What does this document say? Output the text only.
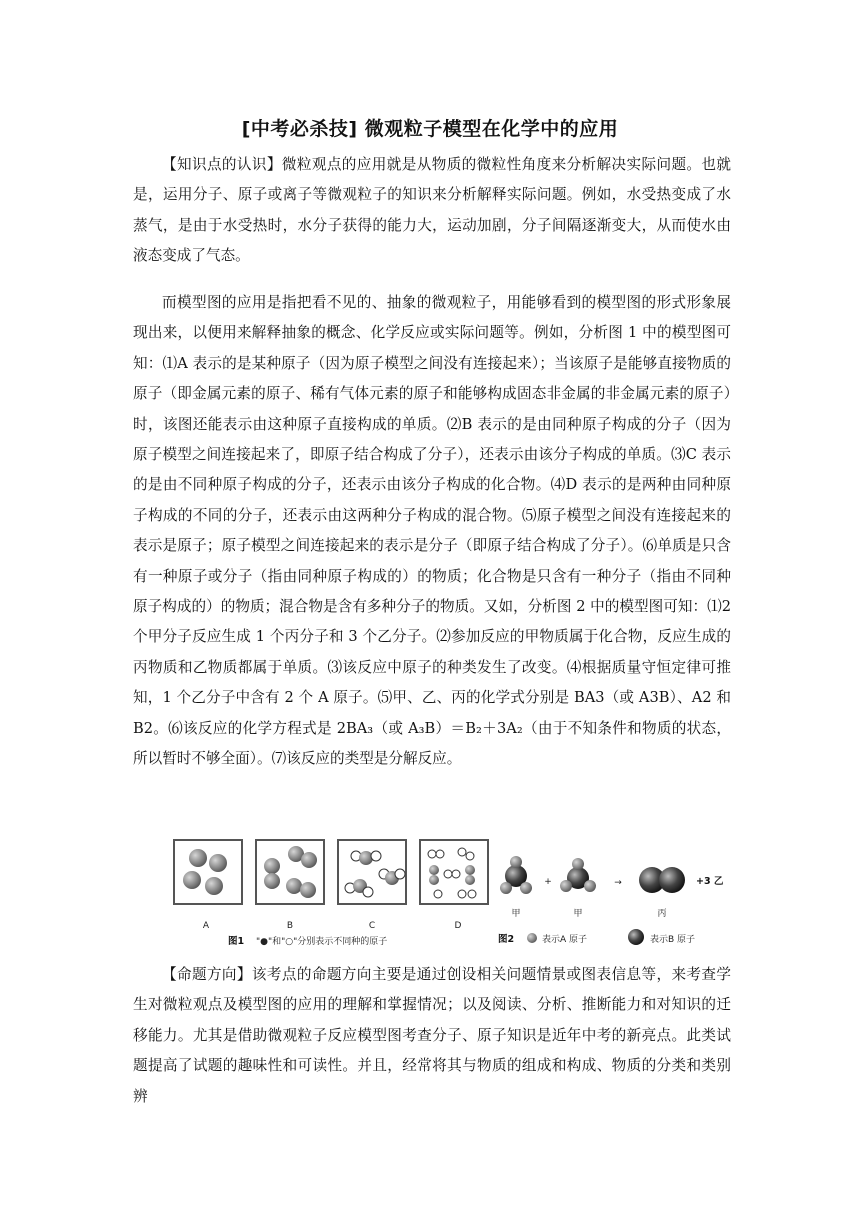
[中考必杀技] 微观粒子模型在化学中的应用

【知识点的认识】微粒观点的应用就是从物质的微粒性角度来分析解决实际问题。也就是，运用分子、原子或离子等微观粒子的知识来分析解释实际问题。例如，水受热变成了水蒸气，是由于水受热时，水分子获得的能力大，运动加剧，分子间隔逐渐变大，从而使水由液态变成了气态。

而模型图的应用是指把看不见的、抽象的微观粒子，用能够看到的模型图的形式形象展现出来，以便用来解释抽象的概念、化学反应或实际问题等。例如，分析图 1 中的模型图可知：⑴A 表示的是某种原子（因为原子模型之间没有连接起来）；当该原子是能够直接物质的原子（即金属元素的原子、稀有气体元素的原子和能够构成固态非金属的非金属元素的原子）时，该图还能表示由这种原子直接构成的单质。⑵B 表示的是由同种原子构成的分子（因为原子模型之间连接起来了，即原子结合构成了分子），还表示由该分子构成的单质。⑶C 表示的是由不同种原子构成的分子，还表示由该分子构成的化合物。⑷D 表示的是两种由同种原子构成的不同的分子，还表示由这两种分子构成的混合物。⑸原子模型之间没有连接起来的表示是原子；原子模型之间连接起来的表示是分子（即原子结合构成了分子）。⑹单质是只含有一种原子或分子（指由同种原子构成的）的物质；化合物是只含有一种分子（指由不同种原子构成的）的物质；混合物是含有多种分子的物质。又如，分析图 2 中的模型图可知：⑴2 个甲分子反应生成 1 个丙分子和 3 个乙分子。⑵参加反应的甲物质属于化合物，反应生成的丙物质和乙物质都属于单质。⑶该反应中原子的种类发生了改变。⑷根据质量守恒定律可推知，1 个乙分子中含有 2 个 A 原子。⑸甲、乙、丙的化学式分别是 BA3（或 A3B）、A2 和 B2。⑹该反应的化学方程式是 2BA₃（或 A₃B）＝B₂＋3A₂（由于不知条件和物质的状态，所以暂时不够全面）。⑺该反应的类型是分解反应。

A	B	C	D
图1 "●"和"○"分别表示不同种的原子
+	→	+3 乙
甲	甲	丙
图2	表示A 原子	表示B 原子

【命题方向】该考点的命题方向主要是通过创设相关问题情景或图表信息等，来考查学生对微粒观点及模型图的应用的理解和掌握情况；以及阅读、分析、推断能力和对知识的迁移能力。尤其是借助微观粒子反应模型图考查分子、原子知识是近年中考的新亮点。此类试题提高了试题的趣味性和可读性。并且，经常将其与物质的组成和构成、物质的分类和类别辨
